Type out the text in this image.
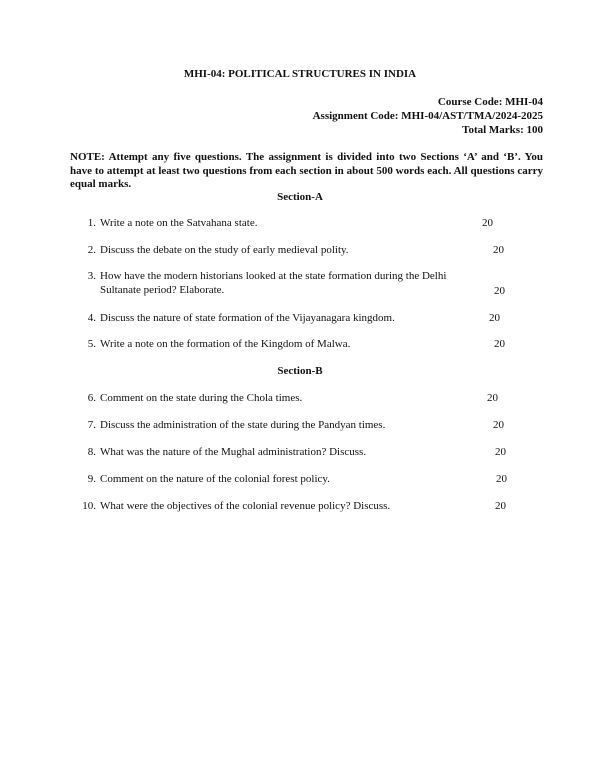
MHI-04: POLITICAL STRUCTURES IN INDIA
Course Code: MHI-04
Assignment Code: MHI-04/AST/TMA/2024-2025
Total Marks: 100
NOTE: Attempt any five questions. The assignment is divided into two Sections ‘A’ and ‘B’. You have to attempt at least two questions from each section in about 500 words each. All questions carry equal marks.
Section-A
1. Write a note on the Satvahana state.	20
2. Discuss the debate on the study of early medieval polity.	20
3. How have the modern historians looked at the state formation during the Delhi Sultanate period? Elaborate.	20
4. Discuss the nature of state formation of the Vijayanagara kingdom.	20
5. Write a note on the formation of the Kingdom of Malwa.	20
Section-B
6. Comment on the state during the Chola times.	20
7. Discuss the administration of the state during the Pandyan times.	20
8. What was the nature of the Mughal administration? Discuss.	20
9. Comment on the nature of the colonial forest policy.	20
10. What were the objectives of the colonial revenue policy? Discuss.	20
